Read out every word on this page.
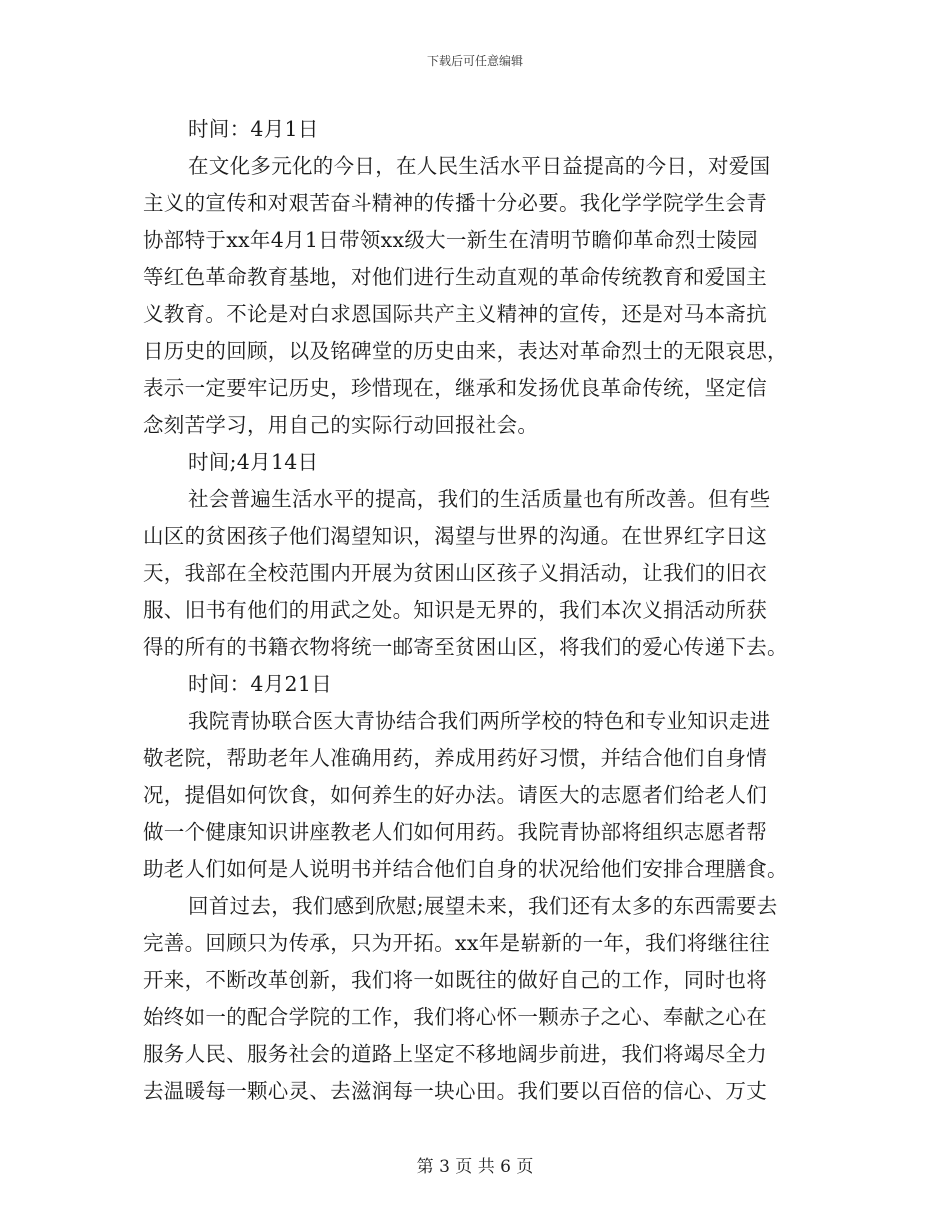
下载后可任意编辑
时间：4月1日
在文化多元化的今日，在人民生活水平日益提高的今日，对爱国
主义的宣传和对艰苦奋斗精神的传播十分必要。我化学学院学生会青
协部特于xx年4月1日带领xx级大一新生在清明节瞻仰革命烈士陵园
等红色革命教育基地，对他们进行生动直观的革命传统教育和爱国主
义教育。不论是对白求恩国际共产主义精神的宣传，还是对马本斋抗
日历史的回顾，以及铭碑堂的历史由来，表达对革命烈士的无限哀思，
表示一定要牢记历史，珍惜现在，继承和发扬优良革命传统，坚定信
念刻苦学习，用自己的实际行动回报社会。
时间;4月14日
社会普遍生活水平的提高，我们的生活质量也有所改善。但有些
山区的贫困孩子他们渴望知识，渴望与世界的沟通。在世界红字日这
天，我部在全校范围内开展为贫困山区孩子义捐活动，让我们的旧衣
服、旧书有他们的用武之处。知识是无界的，我们本次义捐活动所获
得的所有的书籍衣物将统一邮寄至贫困山区，将我们的爱心传递下去。
时间：4月21日
我院青协联合医大青协结合我们两所学校的特色和专业知识走进
敬老院，帮助老年人准确用药，养成用药好习惯，并结合他们自身情
况，提倡如何饮食，如何养生的好办法。请医大的志愿者们给老人们
做一个健康知识讲座教老人们如何用药。我院青协部将组织志愿者帮
助老人们如何是人说明书并结合他们自身的状况给他们安排合理膳食。
回首过去，我们感到欣慰;展望未来，我们还有太多的东西需要去
完善。回顾只为传承，只为开拓。xx年是崭新的一年，我们将继往往
开来，不断改革创新，我们将一如既往的做好自己的工作，同时也将
始终如一的配合学院的工作，我们将心怀一颗赤子之心、奉献之心在
服务人民、服务社会的道路上坚定不移地阔步前进，我们将竭尽全力
去温暖每一颗心灵、去滋润每一块心田。我们要以百倍的信心、万丈
第 3 页 共 6 页
